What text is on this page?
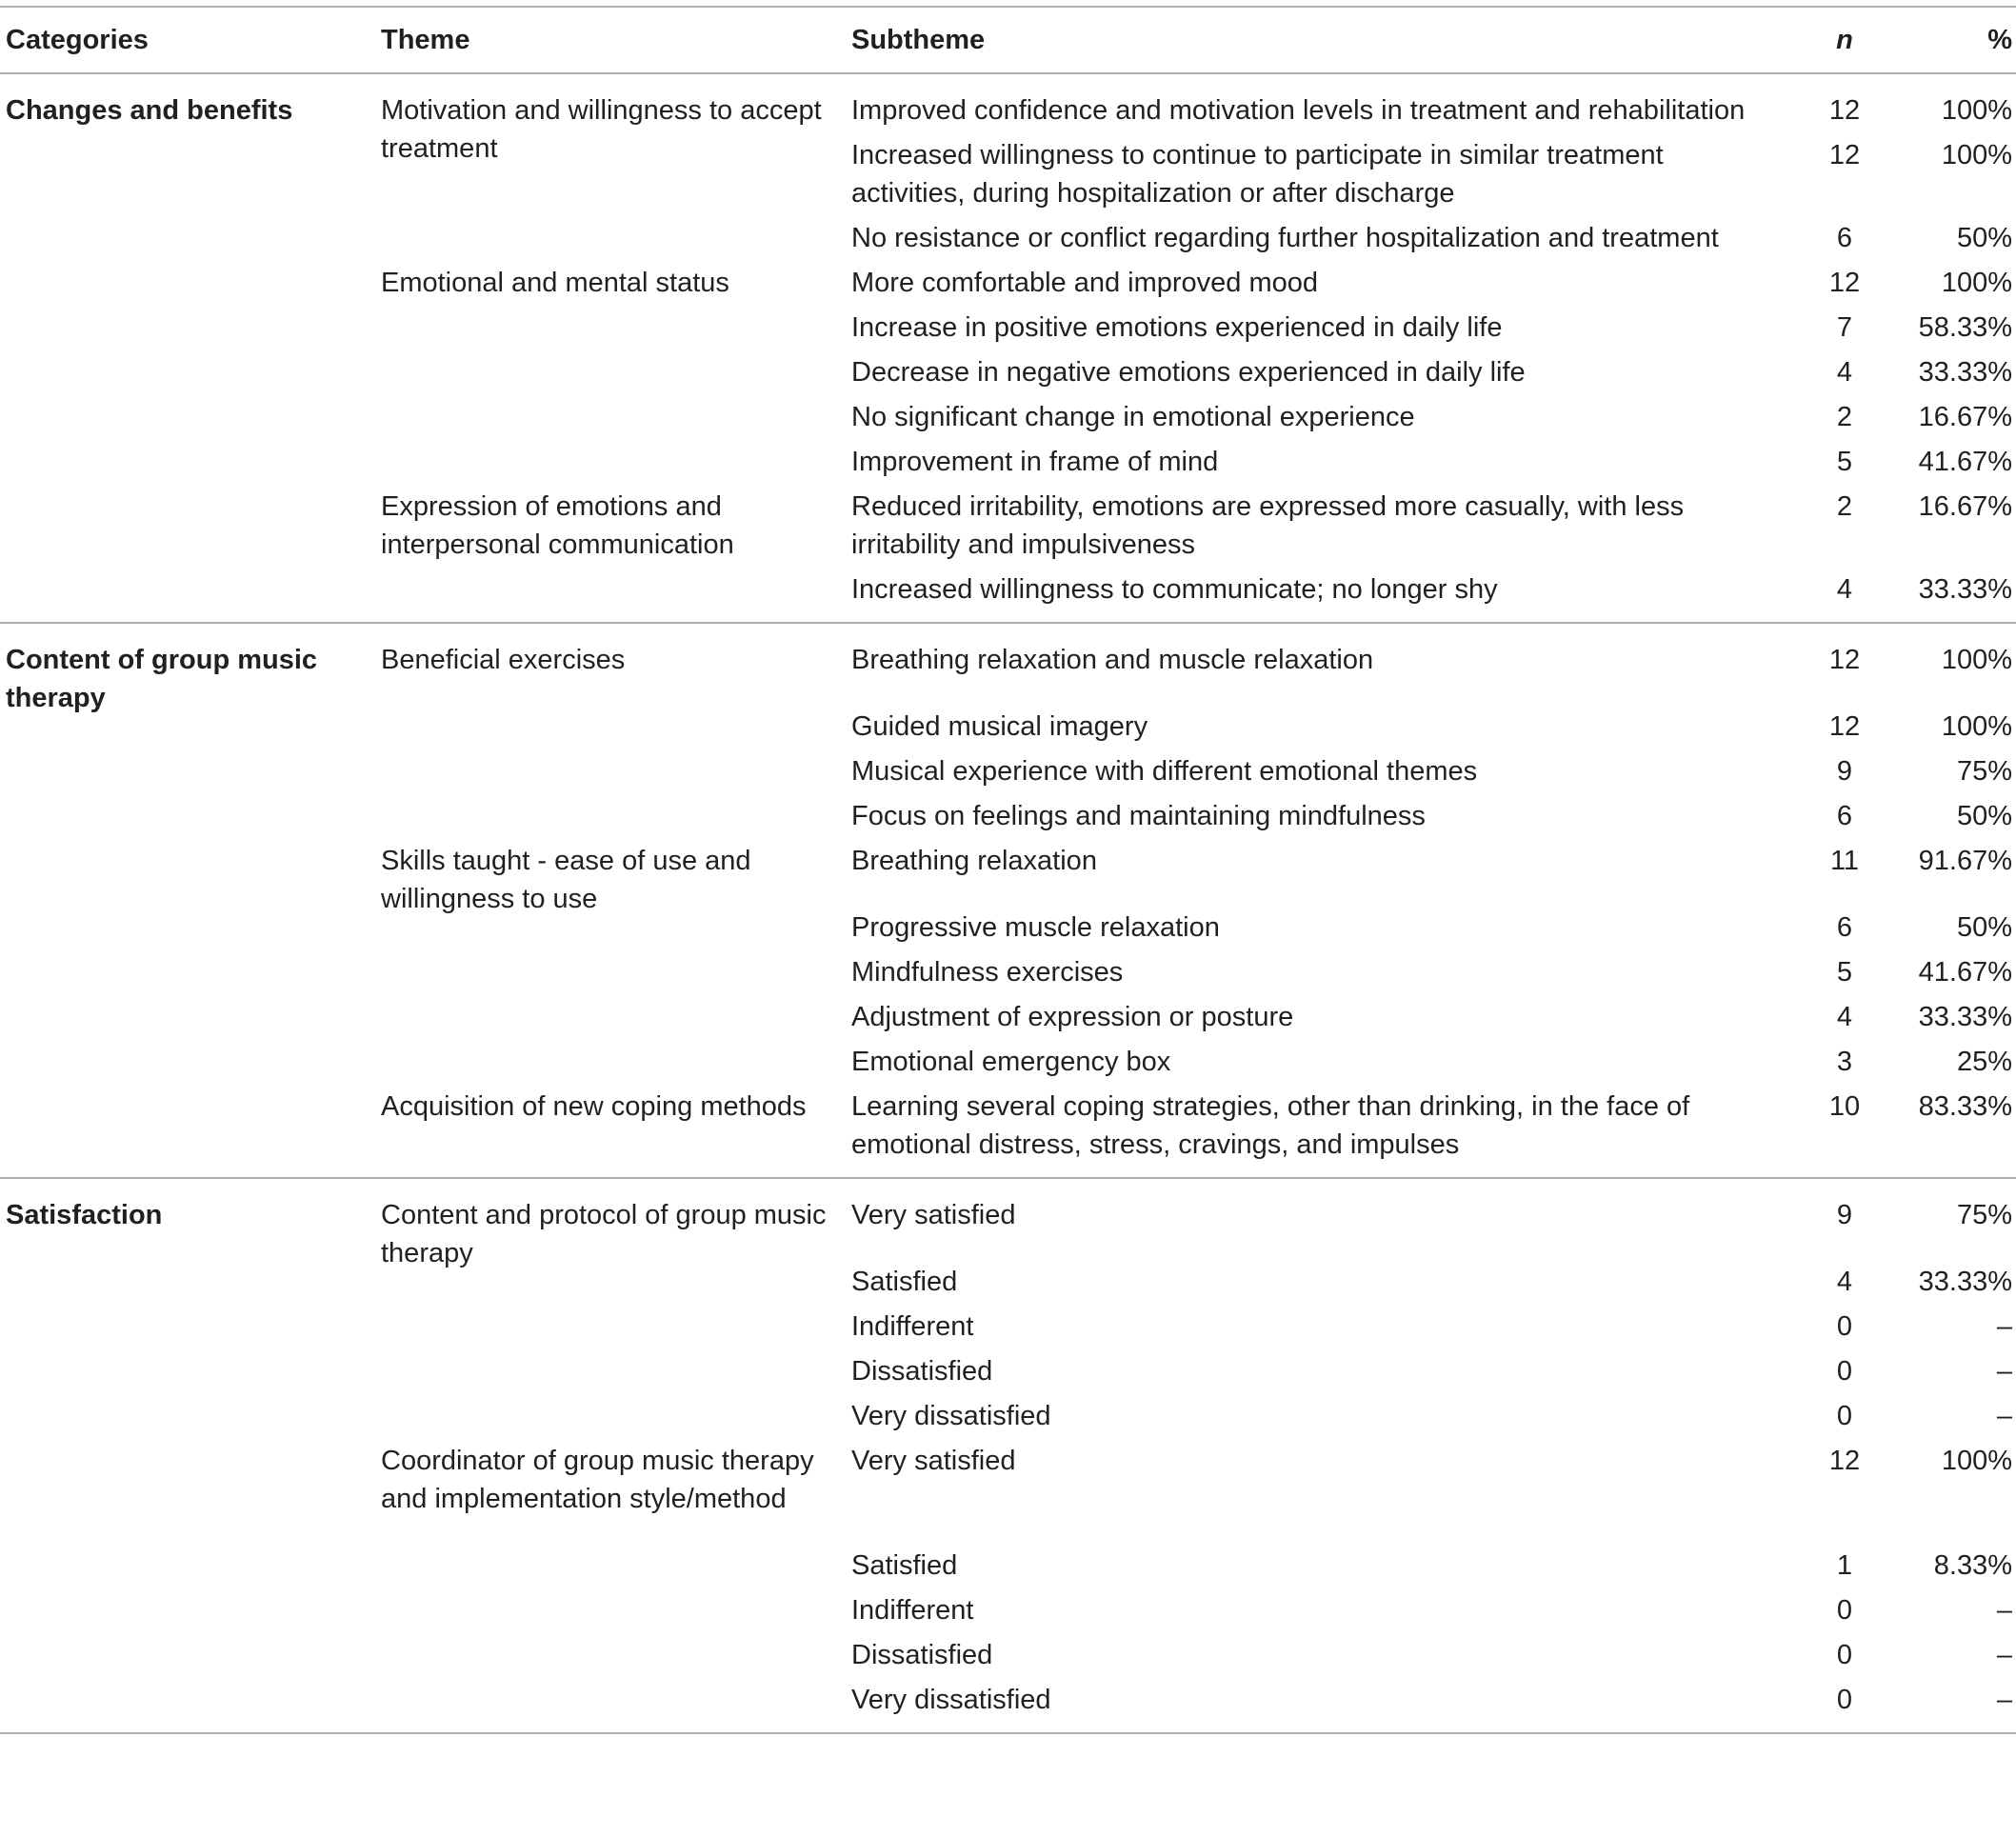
Categories	Theme	Subtheme	n	%
Changes and benefits	Motivation and willingness to accept treatment	Improved confidence and motivation levels in treatment and rehabilitation	12	100%
		Increased willingness to continue to participate in similar treatment activities, during hospitalization or after discharge	12	100%
		No resistance or conflict regarding further hospitalization and treatment	6	50%
	Emotional and mental status	More comfortable and improved mood	12	100%
		Increase in positive emotions experienced in daily life	7	58.33%
		Decrease in negative emotions experienced in daily life	4	33.33%
		No significant change in emotional experience	2	16.67%
		Improvement in frame of mind	5	41.67%
	Expression of emotions and interpersonal communication	Reduced irritability, emotions are expressed more casually, with less irritability and impulsiveness	2	16.67%
		Increased willingness to communicate; no longer shy	4	33.33%
Content of group music therapy	Beneficial exercises	Breathing relaxation and muscle relaxation	12	100%
		Guided musical imagery	12	100%
		Musical experience with different emotional themes	9	75%
		Focus on feelings and maintaining mindfulness	6	50%
	Skills taught - ease of use and willingness to use	Breathing relaxation	11	91.67%
		Progressive muscle relaxation	6	50%
		Mindfulness exercises	5	41.67%
		Adjustment of expression or posture	4	33.33%
		Emotional emergency box	3	25%
	Acquisition of new coping methods	Learning several coping strategies, other than drinking, in the face of emotional distress, stress, cravings, and impulses	10	83.33%
Satisfaction	Content and protocol of group music therapy	Very satisfied	9	75%
		Satisfied	4	33.33%
		Indifferent	0	–
		Dissatisfied	0	–
		Very dissatisfied	0	–
	Coordinator of group music therapy and implementation style/method	Very satisfied	12	100%
		Satisfied	1	8.33%
		Indifferent	0	–
		Dissatisfied	0	–
		Very dissatisfied	0	–
